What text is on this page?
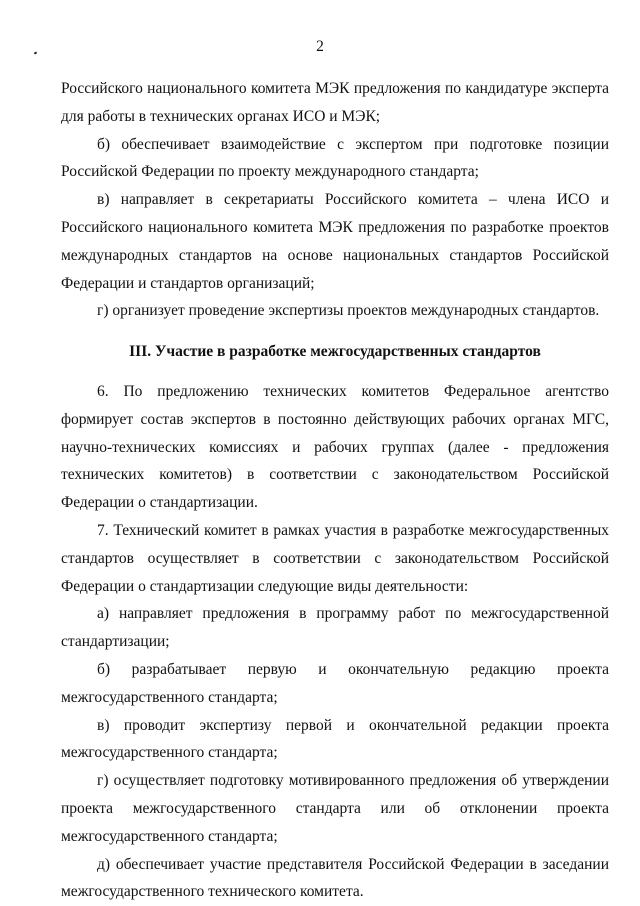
2

Российского национального комитета МЭК предложения по кандидатуре эксперта для работы в технических органах ИСО и МЭК;

б) обеспечивает взаимодействие с экспертом при подготовке позиции Российской Федерации по проекту международного стандарта;

в) направляет в секретариаты Российского комитета – члена ИСО и Российского национального комитета МЭК предложения по разработке проектов международных стандартов на основе национальных стандартов Российской Федерации и стандартов организаций;

г) организует проведение экспертизы проектов международных стандартов.

III. Участие в разработке межгосударственных стандартов

6. По предложению технических комитетов Федеральное агентство формирует состав экспертов в постоянно действующих рабочих органах МГС, научно-технических комиссиях и рабочих группах (далее - предложения технических комитетов) в соответствии с законодательством Российской Федерации о стандартизации.

7. Технический комитет в рамках участия в разработке межгосударственных стандартов осуществляет в соответствии с законодательством Российской Федерации о стандартизации следующие виды деятельности:

а) направляет предложения в программу работ по межгосударственной стандартизации;

б) разрабатывает первую и окончательную редакцию проекта межгосударственного стандарта;

в) проводит экспертизу первой и окончательной редакции проекта межгосударственного стандарта;

г) осуществляет подготовку мотивированного предложения об утверждении проекта межгосударственного стандарта или об отклонении проекта межгосударственного стандарта;

д) обеспечивает участие представителя Российской Федерации в заседании межгосударственного технического комитета.
